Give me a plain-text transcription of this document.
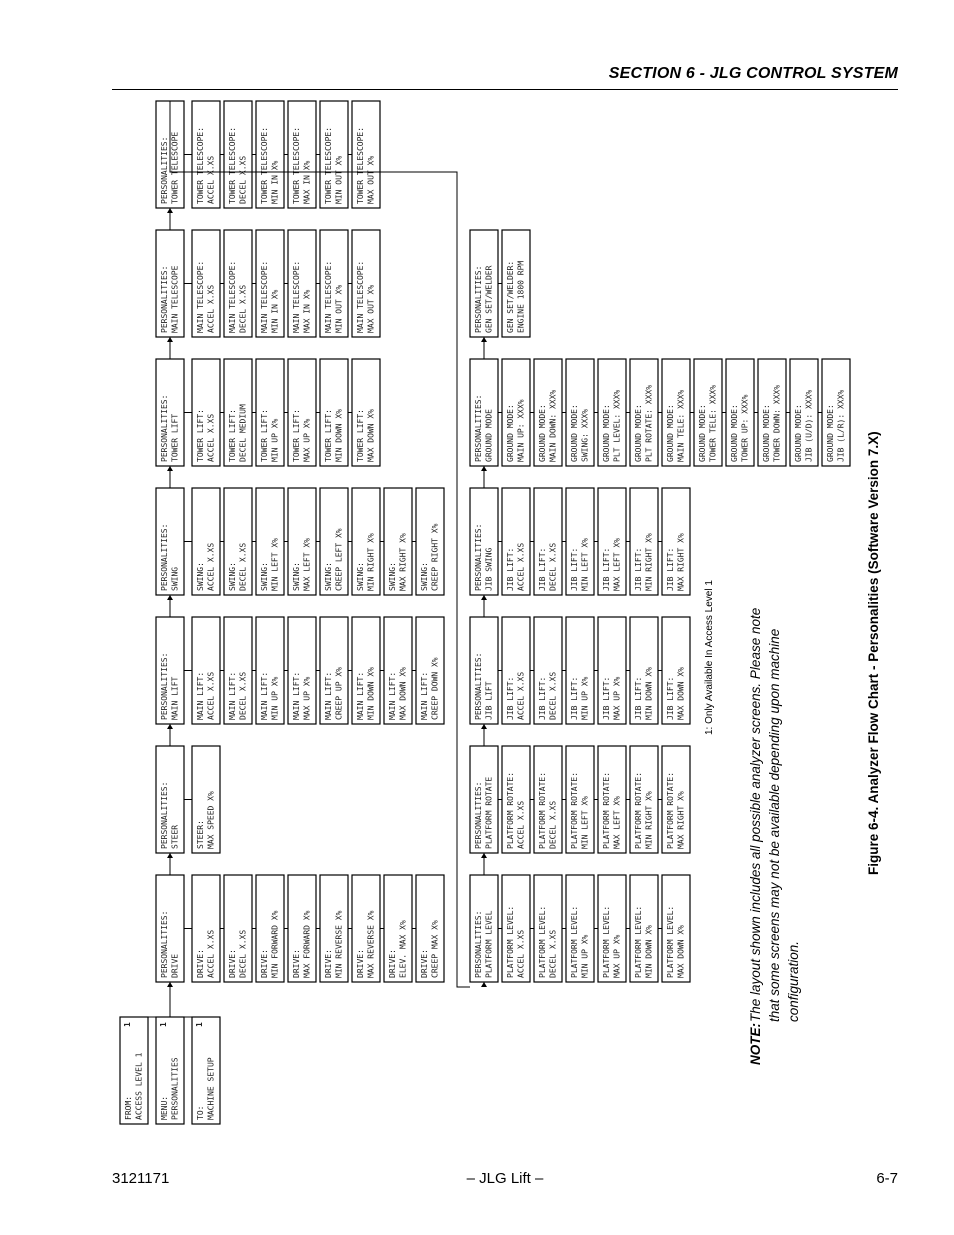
SECTION 6 - JLG CONTROL SYSTEM
FROM: ACCESS LEVEL 1
1
MENU: PERSONALITIES
1
TO: MACHINE SETUP
1
PERSONALITIES: DRIVE DRIVE: ACCEL X.XS DRIVE: DECEL X.XS DRIVE: MIN FORWARD X% DRIVE: MAX FORWARD X% DRIVE: MIN REVERSE X% DRIVE: MAX REVERSE X% DRIVE: ELEV. MAX X% DRIVE: CREEP MAX X%
PERSONALITIES: STEER STEER: MAX SPEED X%
PERSONALITIES: MAIN LIFT MAIN LIFT: ACCEL X.XS MAIN LIFT: DECEL X.XS MAIN LIFT: MIN UP X% MAIN LIFT: MAX UP X% MAIN LIFT: CREEP UP X% MAIN LIFT: MIN DOWN X% MAIN LIFT: MAX DOWN X% MAIN LIFT: CREEP DOWN X%
PERSONALITIES: SWING SWING: ACCEL X.XS SWING: DECEL X.XS SWING: MIN LEFT X% SWING: MAX LEFT X% SWING: CREEP LEFT X% SWING: MIN RIGHT X% SWING: MAX RIGHT X% SWING: CREEP RIGHT X%
PERSONALITIES: TOWER LIFT TOWER LIFT: ACCEL X.XS TOWER LIFT: DECEL MEDIUM TOWER LIFT: MIN UP X% TOWER LIFT: MAX UP X% TOWER LIFT: MIN DOWN X% TOWER LIFT: MAX DOWN X%
PERSONALITIES: MAIN TELESCOPE MAIN TELESCOPE: ACCEL X.XS MAIN TELESCOPE: DECEL X.XS MAIN TELESCOPE: MIN IN X% MAIN TELESCOPE: MAX IN X% MAIN TELESCOPE: MIN OUT X% MAIN TELESCOPE: MAX OUT X%
PERSONALITIES: TOWER TELESCOPE TOWER TELESCOPE: ACCEL X.XS TOWER TELESCOPE: DECEL X.XS TOWER TELESCOPE: MIN IN X% TOWER TELESCOPE: MAX IN X% TOWER TELESCOPE: MIN OUT X% TOWER TELESCOPE: MAX OUT X%
PERSONALITIES: PLATFORM LEVEL PLATFORM LEVEL: ACCEL X.XS PLATFORM LEVEL: DECEL X.XS PLATFORM LEVEL: MIN UP X% PLATFORM LEVEL: MAX UP X% PLATFORM LEVEL: MIN DOWN X% PLATFORM LEVEL: MAX DOWN X%
PERSONALITIES: PLATFORM ROTATE PLATFORM ROTATE: ACCEL X.XS PLATFORM ROTATE: DECEL X.XS PLATFORM ROTATE: MIN LEFT X% PLATFORM ROTATE: MAX LEFT X% PLATFORM ROTATE: MIN RIGHT X% PLATFORM ROTATE: MAX RIGHT X%
PERSONALITIES: JIB LIFT JIB LIFT: ACCEL X.XS JIB LIFT: DECEL X.XS JIB LIFT: MIN UP X% JIB LIFT: MAX UP X% JIB LIFT: MIN DOWN X% JIB LIFT: MAX DOWN X%
PERSONALITIES: JIB SWING JIB LIFT: ACCEL X.XS JIB LIFT: DECEL X.XS JIB LIFT: MIN LEFT X% JIB LIFT: MAX LEFT X% JIB LIFT: MIN RIGHT X% JIB LIFT: MAX RIGHT X%
PERSONALITIES: GROUND MODE GROUND MODE: MAIN UP: XXX% GROUND MODE: MAIN DOWN: XXX% GROUND MODE: SWING: XXX% GROUND MODE: PLT LEVEL: XXX% GROUND MODE: PLT ROTATE: XXX% GROUND MODE: MAIN TELE: XXX% GROUND MODE: TOWER TELE: XXX% GROUND MODE: TOWER UP: XXX% GROUND MODE: TOWER DOWN: XXX% GROUND MODE: JIB (U/D): XXX% GROUND MODE: JIB (L/R): XXX%
PERSONALITIES: GEN SET/WELDER GEN SET/WELDER: ENGINE 1800 RPM
1: Only Available In Access Level 1
NOTE:
The layout shown includes all possible analyzer screens. Please note that some screens may not be available depending upon machine configuration.
Figure 6-4. Analyzer Flow Chart - Personalities (Software Version 7.X)
3121171	– JLG Lift –	6-7
